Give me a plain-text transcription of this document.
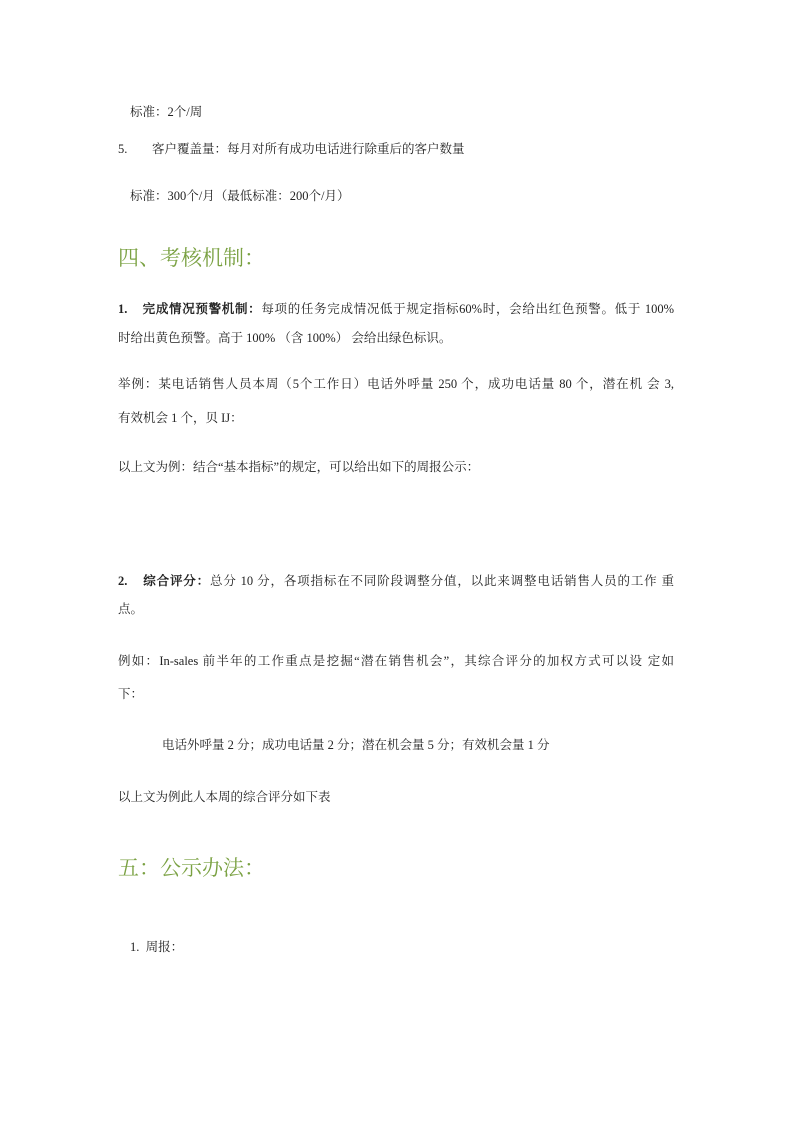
标准：2个/周
5. 客户覆盖量：每月对所有成功电话进行除重后的客户数量
标准：300个/月（最低标准：200个/月）
四、考核机制：
1. 完成情况预警机制：每项的任务完成情况低于规定指标60%时，会给出红色预警。低于 100%
时给出黄色预警。高于 100% （含 100%） 会给出绿色标识。
举例：某电话销售人员本周（5个工作日）电话外呼量 250 个，成功电话量 80 个，潜在机 会 3,
有效机会 1 个，贝 IJ：
以上文为例：结合“基本指标”的规定，可以给出如下的周报公示：
2. 综合评分：总分 10 分，各项指标在不同阶段调整分值，以此来调整电话销售人员的工作 重
点。
例如：In-sales 前半年的工作重点是挖掘“潜在销售机会”，其综合评分的加权方式可以设 定如
下：
电话外呼量 2 分；成功电话量 2 分；潜在机会量 5 分；有效机会量 1 分
以上文为例此人本周的综合评分如下表
五：公示办法：
1.  周报：
